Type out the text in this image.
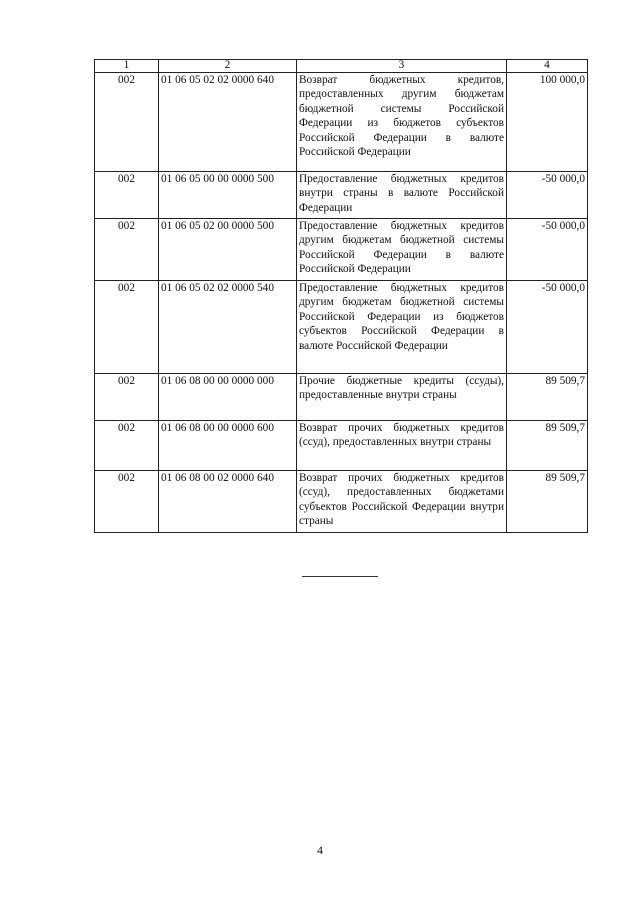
1	2	3	4
002	01 06 05 02 02 0000 640	Возврат бюджетных кредитов, предоставленных другим бюджетам бюджетной системы Российской Федерации из бюджетов субъектов Российской Федерации в валюте Российской Федерации	100 000,0
002	01 06 05 00 00 0000 500	Предоставление бюджетных кредитов внутри страны в валюте Российской Федерации	-50 000,0
002	01 06 05 02 00 0000 500	Предоставление бюджетных кредитов другим бюджетам бюджетной системы Российской Федерации в валюте Российской Федерации	-50 000,0
002	01 06 05 02 02 0000 540	Предоставление бюджетных кредитов другим бюджетам бюджетной системы Российской Федерации из бюджетов субъектов Российской Федерации в валюте Российской Федерации	-50 000,0
002	01 06 08 00 00 0000 000	Прочие бюджетные кредиты (ссуды), предоставленные внутри страны	89 509,7
002	01 06 08 00 00 0000 600	Возврат прочих бюджетных кредитов (ссуд), предоставленных внутри страны	89 509,7
002	01 06 08 00 02 0000 640	Возврат прочих бюджетных кредитов (ссуд), предоставленных бюджетами субъектов Российской Федерации внутри страны	89 509,7
4
